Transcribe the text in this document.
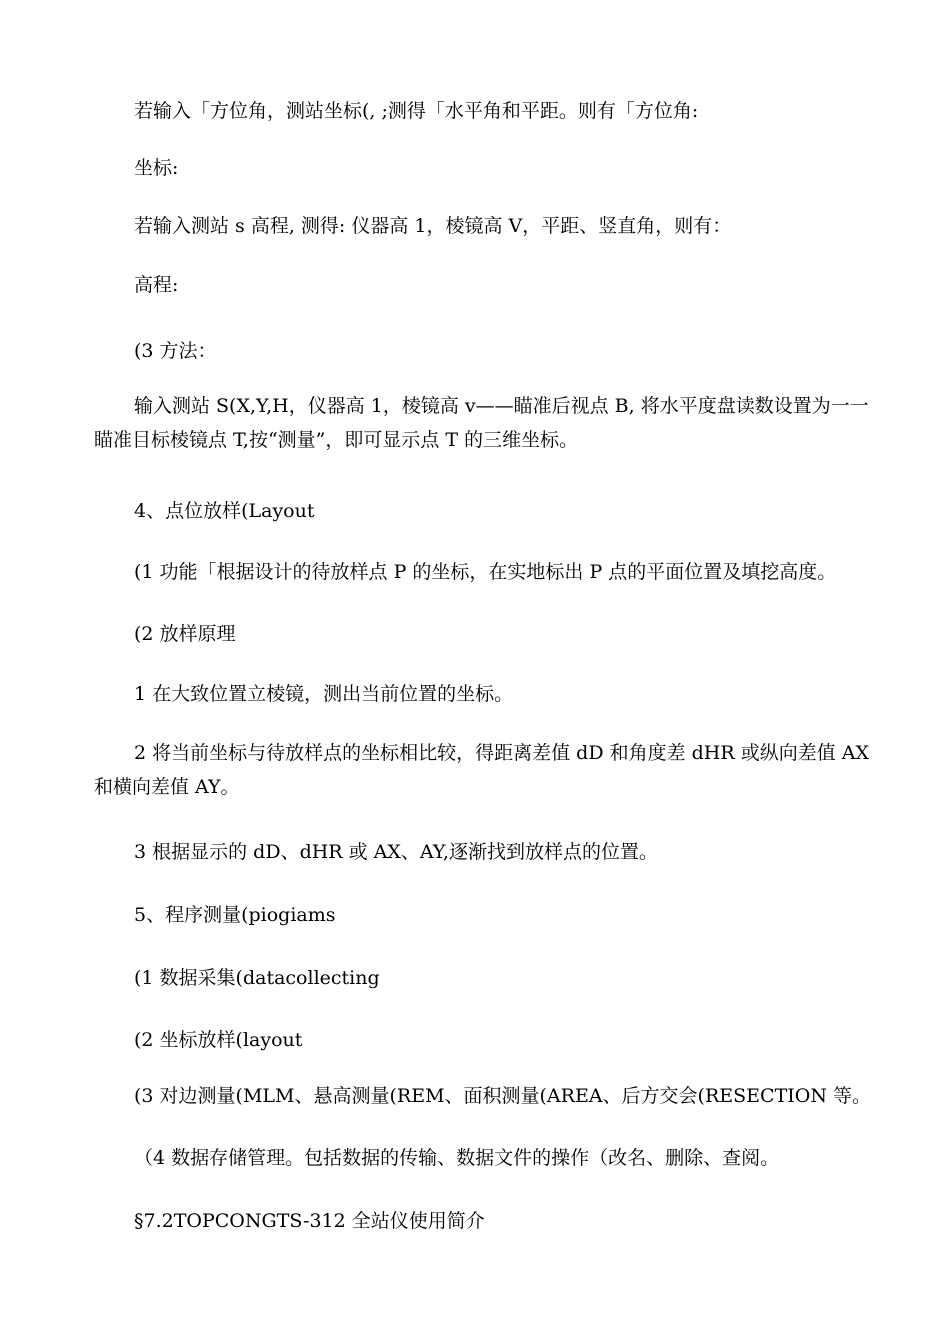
若输入「方位角，测站坐标(, ;测得「水平角和平距。则有「方位角:

坐标:

若输入测站 s 高程, 测得: 仪器高 1，棱镜高 V，平距、竖直角，则有：

高程:

(3 方法：

输入测站 S(X,Y,H，仪器高 1，棱镜高 v——瞄准后视点 B, 将水平度盘读数设置为一一瞄准目标棱镜点 T,按“测量”，即可显示点 T 的三维坐标。

4、点位放样(Layout

(1 功能「根据设计的待放样点 P 的坐标，在实地标出 P 点的平面位置及填挖高度。

(2 放样原理

1 在大致位置立棱镜，测出当前位置的坐标。

2 将当前坐标与待放样点的坐标相比较，得距离差值 dD 和角度差 dHR 或纵向差值 AX 和横向差值 AY。

3 根据显示的 dD、dHR 或 AX、AY,逐渐找到放样点的位置。

5、程序测量(piogiams

(1 数据采集(datacollecting

(2 坐标放样(layout

(3 对边测量(MLM、悬高测量(REM、面积测量(AREA、后方交会(RESECTION 等。

（4 数据存储管理。包括数据的传输、数据文件的操作（改名、删除、查阅。

§7.2TOPCONGTS-312 全站仪使用简介
